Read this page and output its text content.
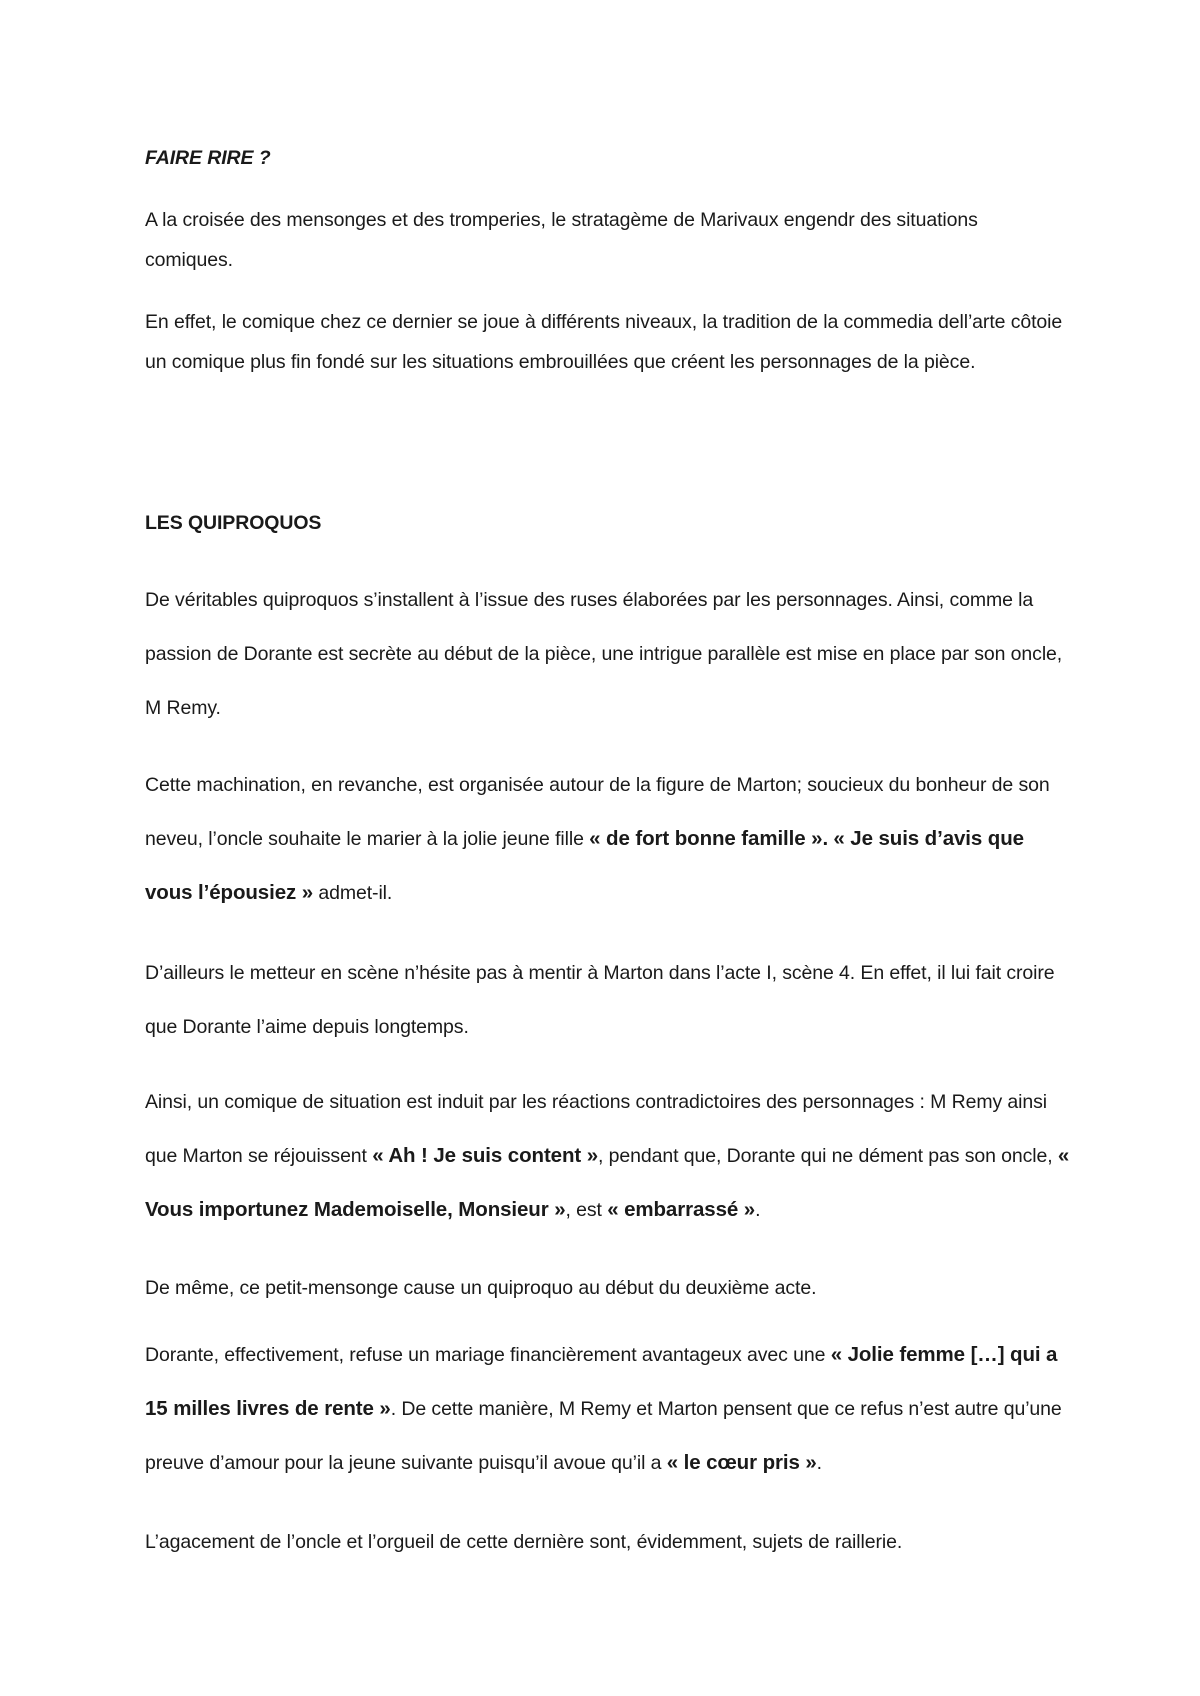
FAIRE RIRE ?

A la croisée des mensonges et des tromperies, le stratagème de Marivaux engendr des situations comiques.

En effet, le comique chez ce dernier se joue à différents niveaux, la tradition de la commedia dell’arte côtoie un comique plus fin fondé sur les situations embrouillées que créent les personnages de la pièce.

LES QUIPROQUOS

De véritables quiproquos s’installent à l’issue des ruses élaborées par les personnages. Ainsi, comme la passion de Dorante est secrète au début de la pièce, une intrigue parallèle est mise en place par son oncle, M Remy.

Cette machination, en revanche, est organisée autour de la figure de Marton; soucieux du bonheur de son neveu, l’oncle souhaite le marier à la jolie jeune fille « de fort bonne famille ». « Je suis d’avis que vous l’épousiez » admet-il.

D’ailleurs le metteur en scène n’hésite pas à mentir à Marton dans l’acte I, scène 4. En effet, il lui fait croire que Dorante l’aime depuis longtemps.

Ainsi, un comique de situation est induit par les réactions contradictoires des personnages : M Remy ainsi que Marton se réjouissent « Ah ! Je suis content », pendant que, Dorante qui ne dément pas son oncle, « Vous importunez Mademoiselle, Monsieur », est « embarrassé ».

De même, ce petit-mensonge cause un quiproquo au début du deuxième acte.

Dorante, effectivement, refuse un mariage financièrement avantageux avec une « Jolie femme […] qui a 15 milles livres de rente ». De cette manière, M Remy et Marton pensent que ce refus n’est autre qu’une preuve d’amour pour la jeune suivante puisqu’il avoue qu’il a « le cœur pris ».

L’agacement de l’oncle et l’orgueil de cette dernière sont, évidemment, sujets de raillerie.
